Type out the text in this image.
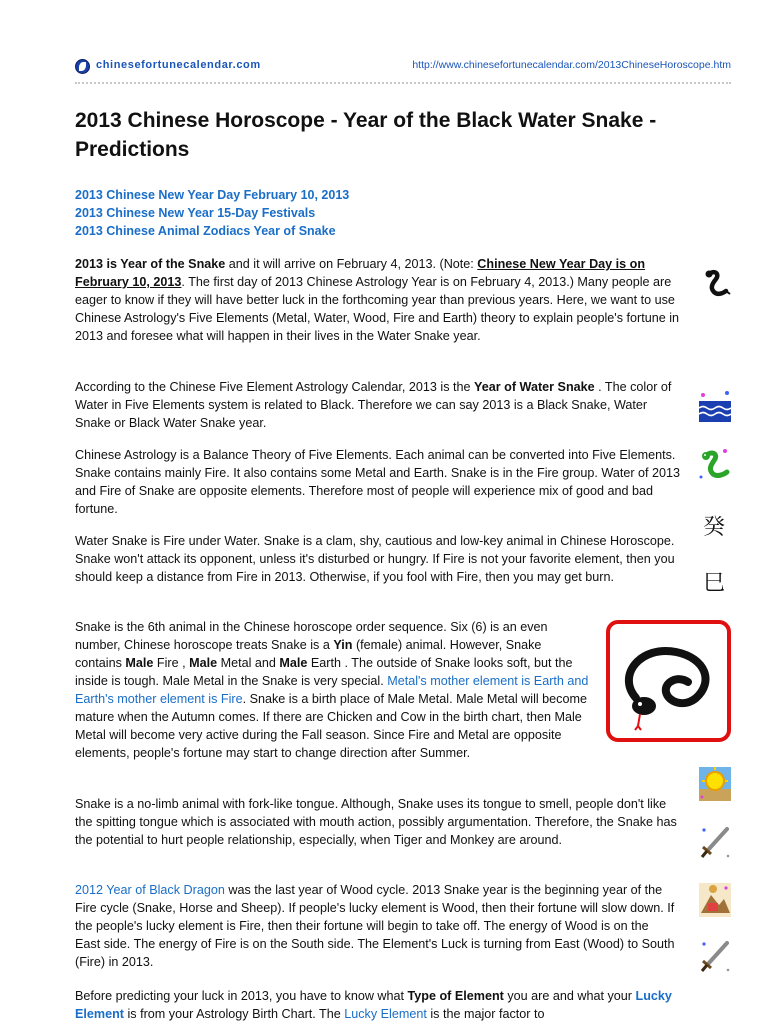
chinesefortunecalendar.com	http://www.chinesefortunecalendar.com/2013ChineseHoroscope.htm
2013 Chinese Horoscope - Year of the Black Water Snake - Predictions
2013 Chinese New Year Day February 10, 2013
2013 Chinese New Year 15-Day Festivals
2013 Chinese Animal Zodiacs Year of Snake

2013 is Year of the Snake and it will arrive on February 4, 2013. (Note: Chinese New Year Day is on February 10, 2013. The first day of 2013 Chinese Astrology Year is on February 4, 2013.) Many people are eager to know if they will have better luck in the forthcoming year than previous years. Here, we want to use Chinese Astrology's Five Elements (Metal, Water, Wood, Fire and Earth) theory to explain people's fortune in 2013 and foresee what will happen in their lives in the Water Snake year.

According to the Chinese Five Element Astrology Calendar, 2013 is the Year of Water Snake . The color of Water in Five Elements system is related to Black. Therefore we can say 2013 is a Black Snake, Water Snake or Black Water Snake year.

Chinese Astrology is a Balance Theory of Five Elements. Each animal can be converted into Five Elements. Snake contains mainly Fire. It also contains some Metal and Earth. Snake is in the Fire group. Water of 2013 and Fire of Snake are opposite elements. Therefore most of people will experience mix of good and bad fortune.

Water Snake is Fire under Water. Snake is a clam, shy, cautious and low-key animal in Chinese Horoscope. Snake won't attack its opponent, unless it's disturbed or hungry. If Fire is not your favorite element, then you should keep a distance from Fire in 2013. Otherwise, if you fool with Fire, then you may get burn.

Snake is the 6th animal in the Chinese horoscope order sequence. Six (6) is an even number, Chinese horoscope treats Snake is a Yin (female) animal. However, Snake contains Male Fire , Male Metal and Male Earth . The outside of Snake looks soft, but the inside is tough. Male Metal in the Snake is very special. Metal's mother element is Earth and Earth's mother element is Fire. Snake is a birth place of Male Metal. Male Metal will become mature when the Autumn comes. If there are Chicken and Cow in the birth chart, then Male Metal will become very active during the Fall season. Since Fire and Metal are opposite elements, people's fortune may start to change direction after Summer.

Snake is a no-limb animal with fork-like tongue. Although, Snake uses its tongue to smell, people don't like the spitting tongue which is associated with mouth action, possibly argumentation. Therefore, the Snake has the potential to hurt people relationship, especially, when Tiger and Monkey are around.

2012 Year of Black Dragon was the last year of Wood cycle. 2013 Snake year is the beginning year of the Fire cycle (Snake, Horse and Sheep). If people's lucky element is Wood, then their fortune will slow down. If the people's lucky element is Fire, then their fortune will begin to take off. The energy of Wood is on the East side. The energy of Fire is on the South side. The Element's Luck is turning from East (Wood) to South (Fire) in 2013.

Before predicting your luck in 2013, you have to know what Type of Element you are and what your Lucky Element is from your Astrology Birth Chart. The Lucky Element is the major factor to

癸
巳
